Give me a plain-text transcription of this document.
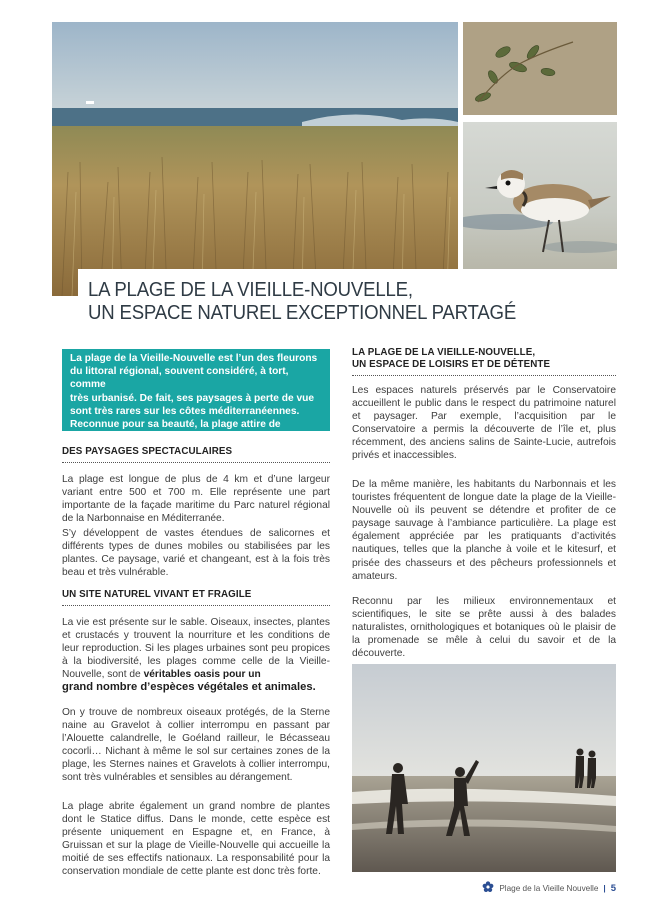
LA PLAGE DE LA VIEILLE-NOUVELLE,
UN ESPACE NATUREL EXCEPTIONNEL PARTAGÉ
La plage de la Vieille-Nouvelle est l’un des fleurons
du littoral régional, souvent considéré, à tort, comme
très urbanisé. De fait, ses paysages à perte de vue
sont très rares sur les côtes méditerranéennes.
Reconnue pour sa beauté, la plage attire de
nombreux habitants de la région et bien au-delà.
DES PAYSAGES SPECTACULAIRES

La plage est longue de plus de 4 km et d’une largeur variant entre 500 et 700 m. Elle représente une part importante de la façade maritime du Parc naturel régional de la Narbonnaise en Méditerranée.

S’y développent de vastes étendues de salicornes et différents types de dunes mobiles ou stabilisées par les plantes. Ce paysage, varié et changeant, est à la fois très beau et très vulnérable.

UN SITE NATUREL VIVANT ET FRAGILE

La vie est présente sur le sable. Oiseaux, insectes, plantes et crustacés y trouvent la nourriture et les conditions de leur reproduction. Si les plages urbaines sont peu propices à la biodiversité, les plages comme celle de la Vieille-Nouvelle, sont de véritables oasis pour un
grand nombre d’espèces végétales et animales.

On y trouve de nombreux oiseaux protégés, de la Sterne naine au Gravelot à collier interrompu en passant par l’Alouette calandrelle, le Goéland railleur, le Bécasseau cocorli… Nichant à même le sol sur certaines zones de la plage, les Sternes naines et Gravelots à collier interrompu, sont très vulnérables et sensibles au dérangement.

La plage abrite également un grand nombre de plantes dont le Statice diffus. Dans le monde, cette espèce est présente uniquement en Espagne et, en France, à Gruissan et sur la plage de Vieille-Nouvelle qui accueille la moitié de ses effectifs nationaux. La responsabilité pour la conservation mondiale de cette plante est donc très forte.

LA PLAGE DE LA VIEILLE-NOUVELLE,
UN ESPACE DE LOISIRS ET DE DÉTENTE

Les espaces naturels préservés par le Conservatoire accueillent le public dans le respect du patrimoine naturel et paysager. Par exemple, l’acquisition par le Conservatoire a permis la découverte de l’île et, plus récemment, des anciens salins de Sainte-Lucie, autrefois privés et inaccessibles.

De la même manière, les habitants du Narbonnais et les touristes fréquentent de longue date la plage de la Vieille-Nouvelle où ils peuvent se détendre et profiter de ce paysage sauvage à l’ambiance particulière. La plage est également appréciée par les pratiquants d’activités nautiques, telles que la planche à voile et le kitesurf, et prisée des chasseurs et des pêcheurs professionnels et amateurs.

Reconnu par les milieux environnementaux et scientifiques, le site se prête aussi à des balades naturalistes, ornithologiques et botaniques où le plaisir de la promenade se mêle à celui du savoir et de la découverte.

Plage de la Vieille Nouvelle | 5
